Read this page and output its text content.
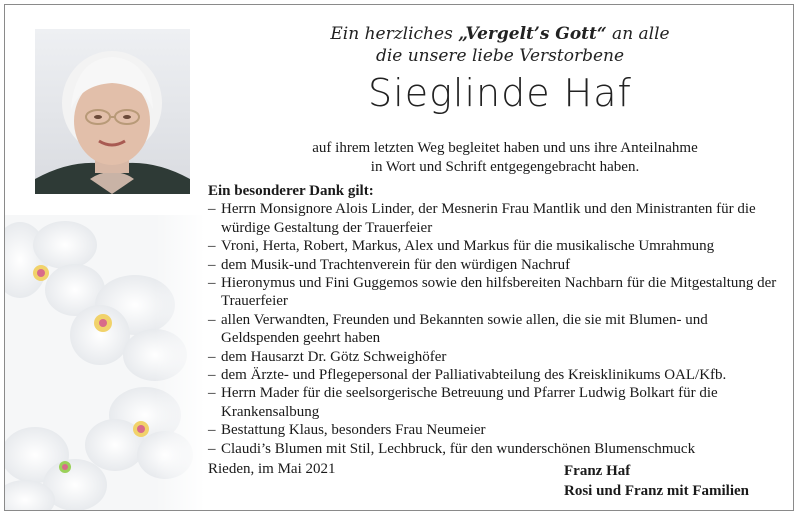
Ein herzliches „Vergelt’s Gott“ an alle
die unsere liebe Verstorbene
Sieglinde Haf
auf ihrem letzten Weg begleitet haben und uns ihre Anteilnahme
in Wort und Schrift entgegengebracht haben.
Ein besonderer Dank gilt:
– Herrn Monsignore Alois Linder, der Mesnerin Frau Mantlik und den Ministranten für die würdige Gestaltung der Trauerfeier
– Vroni, Herta, Robert, Markus, Alex und Markus für die musikalische Umrahmung
– dem Musik-und Trachtenverein für den würdigen Nachruf
– Hieronymus und Fini Guggemos sowie den hilfsbereiten Nachbarn für die Mitgestaltung der Trauerfeier
– allen Verwandten, Freunden und Bekannten sowie allen, die sie mit Blumen- und Geldspenden geehrt haben
– dem Hausarzt Dr. Götz Schweighöfer
– dem Ärzte- und Pflegepersonal der Palliativabteilung des Kreisklinikums OAL/Kfb.
– Herrn Mader für die seelsorgerische Betreuung und Pfarrer Ludwig Bolkart für die Krankensalbung
– Bestattung Klaus, besonders Frau Neumeier
– Claudi’s Blumen mit Stil, Lechbruck, für den wunderschönen Blumenschmuck
Rieden, im Mai 2021	Franz Haf
Rosi und Franz mit Familien
